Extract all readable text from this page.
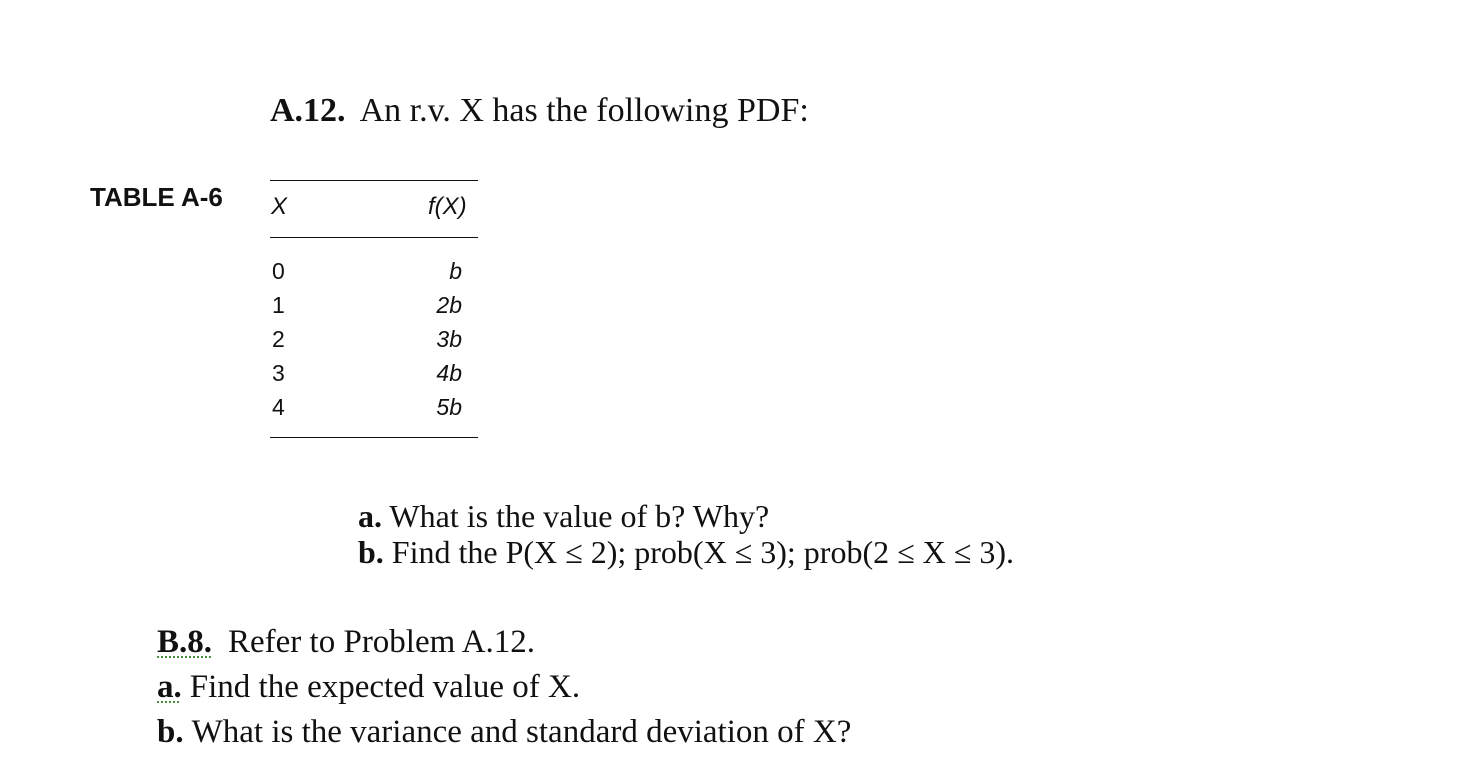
A.12. An r.v. X has the following PDF:
TABLE A-6 X	f(X)
0	b
1	2b
2	3b
3	4b
4	5b
a. What is the value of b? Why?
b. Find the P(X ≤ 2); prob(X ≤ 3); prob(2 ≤ X ≤ 3).
B.8. Refer to Problem A.12.
a. Find the expected value of X.
b. What is the variance and standard deviation of X?
